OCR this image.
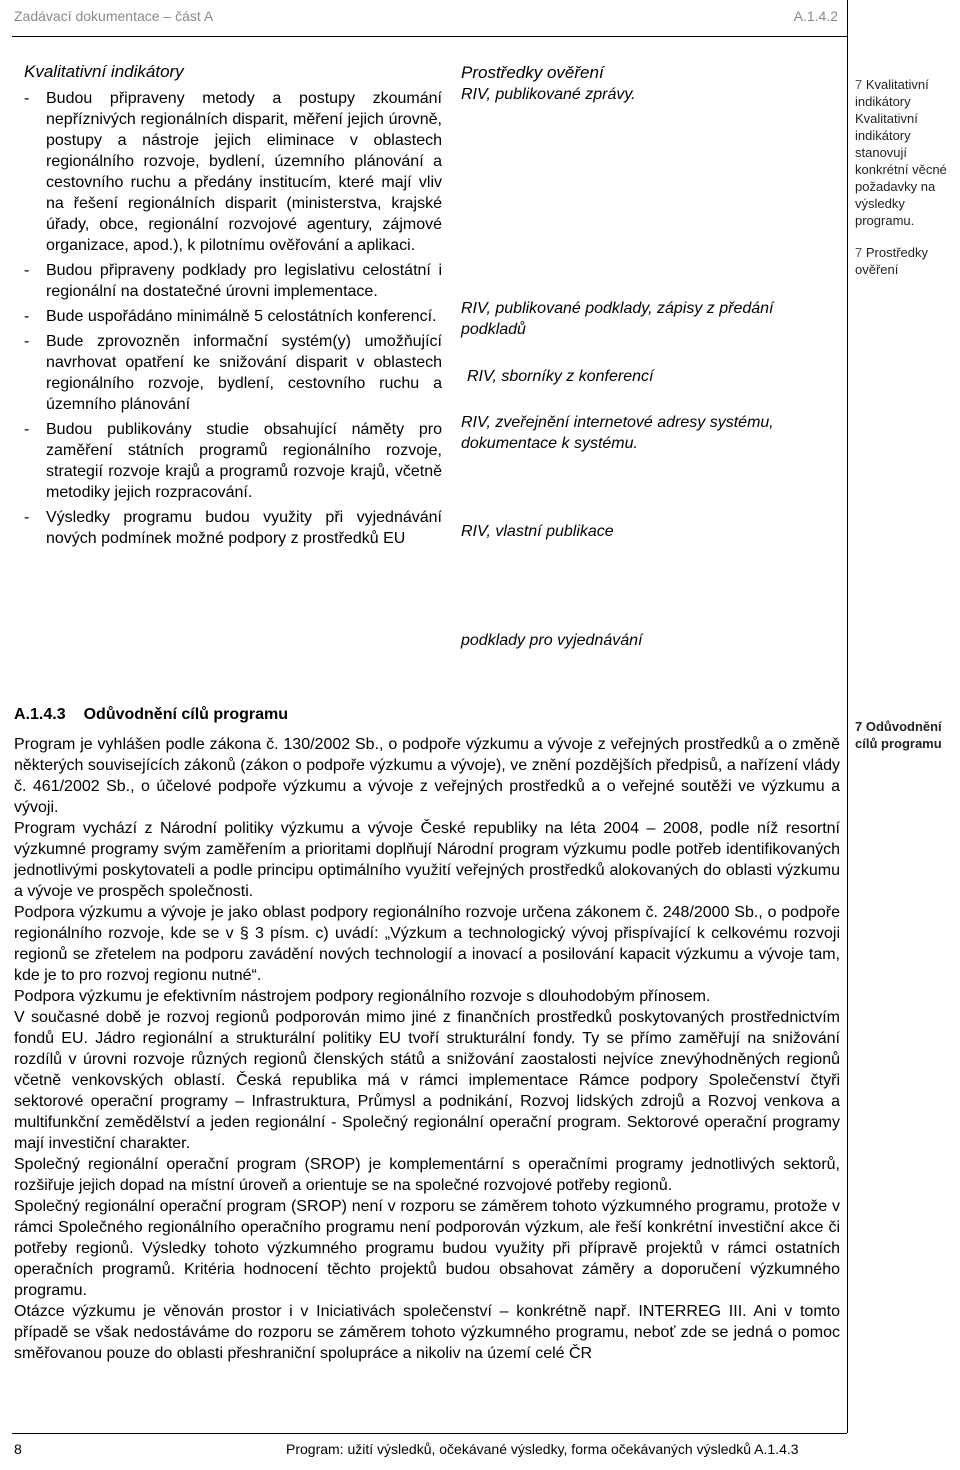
Zadávací dokumentace – část A	A.1.4.2
Kvalitativní indikátory
- Budou připraveny metody a postupy zkoumání nepříznivých regionálních disparit, měření jejich úrovně, postupy a nástroje jejich eliminace v oblastech regionálního rozvoje, bydlení, územního plánování a cestovního ruchu a předány institucím, které mají vliv na řešení regionálních disparit (ministerstva, krajské úřady, obce, regionální rozvojové agentury, zájmové organizace, apod.), k pilotnímu ověřování a aplikaci.
- Budou připraveny podklady pro legislativu celostátní i regionální na dostatečné úrovni implementace.
- Bude uspořádáno minimálně 5 celostátních konferencí.
- Bude zprovozněn informační systém(y) umožňující navrhovat opatření ke snižování disparit v oblastech regionálního rozvoje, bydlení, cestovního ruchu a územního plánování
- Budou publikovány studie obsahující náměty pro zaměření státních programů regionálního rozvoje, strategií rozvoje krajů a programů rozvoje krajů, včetně metodiky jejich rozpracování.
- Výsledky programu budou využity při vyjednávání nových podmínek možné podpory z prostředků EU
Prostředky ověření
RIV, publikované zprávy.
RIV, publikované podklady, zápisy z předání podkladů
RIV, sborníky z konferencí
RIV, zveřejnění internetové adresy systému, dokumentace k systému.
RIV, vlastní publikace
podklady pro vyjednávání
7 Kvalitativní indikátory
Kvalitativní indikátory stanovují konkrétní věcné požadavky na výsledky programu.
7 Prostředky ověření
7 Odůvodnění cílů programu
A.1.4.3 Odůvodnění cílů programu

Program je vyhlášen podle zákona č. 130/2002 Sb., o podpoře výzkumu a vývoje z veřejných prostředků a o změně některých souvisejících zákonů (zákon o podpoře výzkumu a vývoje), ve znění pozdějších předpisů, a nařízení vlády č. 461/2002 Sb., o účelové podpoře výzkumu a vývoje z veřejných prostředků a o veřejné soutěži ve výzkumu a vývoji.

Program vychází z Národní politiky výzkumu a vývoje České republiky na léta 2004 – 2008, podle níž resortní výzkumné programy svým zaměřením a prioritami doplňují Národní program výzkumu podle potřeb identifikovaných jednotlivými poskytovateli a podle principu optimálního využití veřejných prostředků alokovaných do oblasti výzkumu a vývoje ve prospěch společnosti.

Podpora výzkumu a vývoje je jako oblast podpory regionálního rozvoje určena zákonem č. 248/2000 Sb., o podpoře regionálního rozvoje, kde se v § 3 písm. c) uvádí: „Výzkum a technologický vývoj přispívající k celkovému rozvoji regionů se zřetelem na podporu zavádění nových technologií a inovací a posilování kapacit výzkumu a vývoje tam, kde je to pro rozvoj regionu nutné“.

Podpora výzkumu je efektivním nástrojem podpory regionálního rozvoje s dlouhodobým přínosem.

V současné době je rozvoj regionů podporován mimo jiné z finančních prostředků poskytovaných prostřednictvím fondů EU. Jádro regionální a strukturální politiky EU tvoří strukturální fondy. Ty se přímo zaměřují na snižování rozdílů v úrovni rozvoje různých regionů členských států a snižování zaostalosti nejvíce znevýhodněných regionů včetně venkovských oblastí. Česká republika má v rámci implementace Rámce podpory Společenství čtyři sektorové operační programy – Infrastruktura, Průmysl a podnikání, Rozvoj lidských zdrojů a Rozvoj venkova a multifunkční zemědělství a jeden regionální - Společný regionální operační program. Sektorové operační programy mají investiční charakter.

Společný regionální operační program (SROP) je komplementární s operačními programy jednotlivých sektorů, rozšiřuje jejich dopad na místní úroveň a orientuje se na společné rozvojové potřeby regionů.

Společný regionální operační program (SROP) není v rozporu se záměrem tohoto výzkumného programu, protože v rámci Společného regionálního operačního programu není podporován výzkum, ale řeší konkrétní investiční akce či potřeby regionů. Výsledky tohoto výzkumného programu budou využity při přípravě projektů v rámci ostatních operačních programů. Kritéria hodnocení těchto projektů budou obsahovat záměry a doporučení výzkumného programu.

Otázce výzkumu je věnován prostor i v Iniciativách společenství – konkrétně např. INTERREG III. Ani v tomto případě se však nedostáváme do rozporu se záměrem tohoto výzkumného programu, neboť zde se jedná o pomoc směřovanou pouze do oblasti přeshraniční spolupráce a nikoliv na území celé ČR

8	Program: užití výsledků, očekávané výsledky, forma očekávaných výsledků A.1.4.3
